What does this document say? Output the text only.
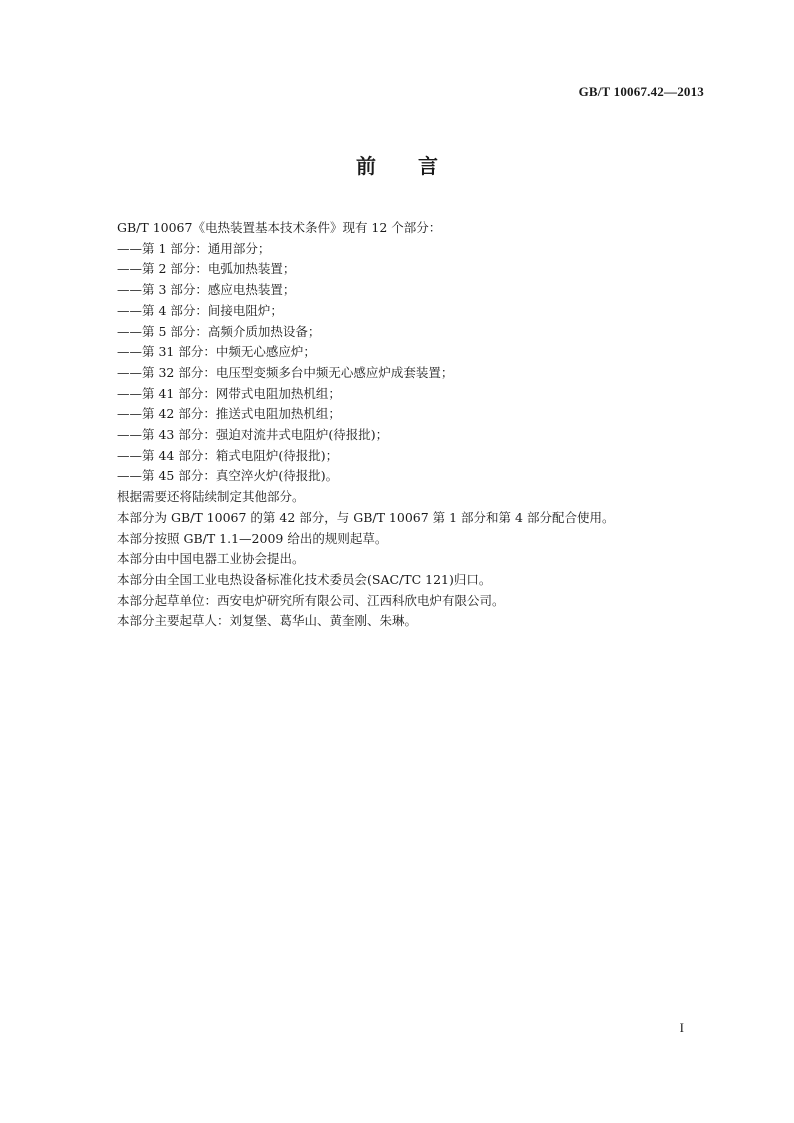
GB/T 10067.42—2013
前言
GB/T 10067《电热装置基本技术条件》现有 12 个部分：
——第 1 部分：通用部分；
——第 2 部分：电弧加热装置；
——第 3 部分：感应电热装置；
——第 4 部分：间接电阻炉；
——第 5 部分：高频介质加热设备；
——第 31 部分：中频无心感应炉；
——第 32 部分：电压型变频多台中频无心感应炉成套装置；
——第 41 部分：网带式电阻加热机组；
——第 42 部分：推送式电阻加热机组；
——第 43 部分：强迫对流井式电阻炉(待报批)；
——第 44 部分：箱式电阻炉(待报批)；
——第 45 部分：真空淬火炉(待报批)。
根据需要还将陆续制定其他部分。
本部分为 GB/T 10067 的第 42 部分，与 GB/T 10067 第 1 部分和第 4 部分配合使用。
本部分按照 GB/T 1.1—2009 给出的规则起草。
本部分由中国电器工业协会提出。
本部分由全国工业电热设备标准化技术委员会(SAC/TC 121)归口。
本部分起草单位：西安电炉研究所有限公司、江西科欣电炉有限公司。
本部分主要起草人：刘复堡、葛华山、黄奎刚、朱琳。
I
